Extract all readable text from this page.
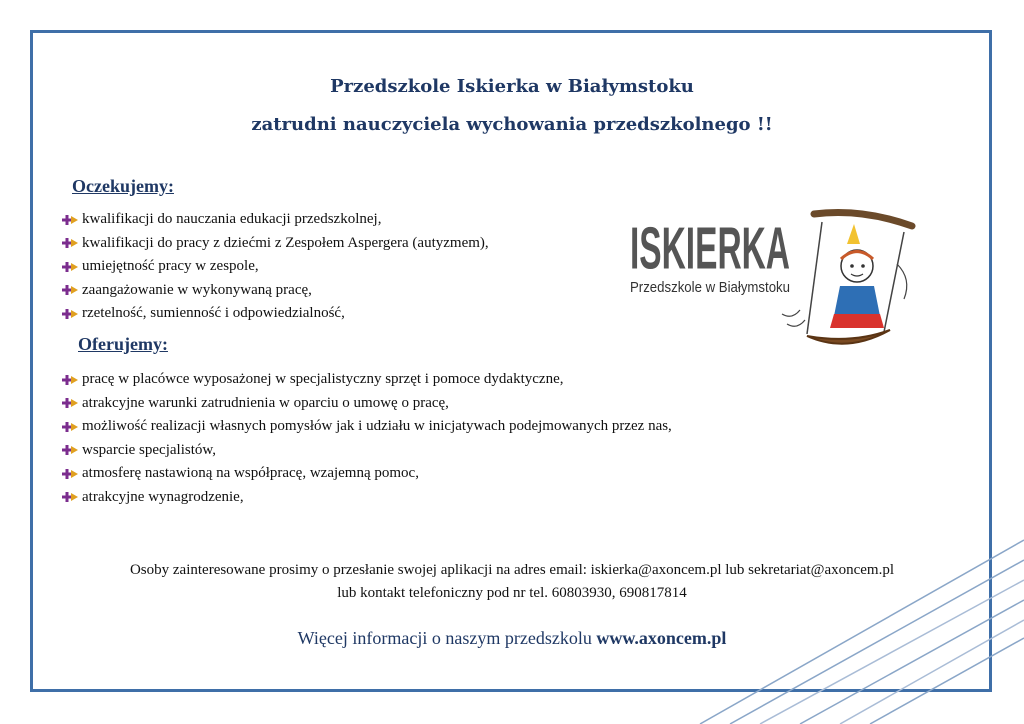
Przedszkole Iskierka w Białymstoku
zatrudni nauczyciela wychowania przedszkolnego !!
Oczekujemy:
kwalifikacji do nauczania edukacji przedszkolnej,
kwalifikacji do pracy z dziećmi z Zespołem Aspergera (autyzmem),
umiejętność pracy w zespole,
zaangażowanie w wykonywaną pracę,
rzetelność, sumienność i odpowiedzialność,
Oferujemy:
pracę w placówce wyposażonej w specjalistyczny sprzęt i pomoce dydaktyczne,
atrakcyjne warunki zatrudnienia w oparciu o umowę o pracę,
możliwość realizacji własnych pomysłów jak i udziału w inicjatywach podejmowanych przez nas,
wsparcie specjalistów,
atmosferę nastawioną na współpracę, wzajemną pomoc,
atrakcyjne wynagrodzenie,
ISKIERKA
Przedszkole w Białymstoku
Osoby zainteresowane prosimy o przesłanie swojej aplikacji na adres email: iskierka@axoncem.pl lub sekretariat@axoncem.pl
lub kontakt telefoniczny pod nr tel. 60803930, 690817814
Więcej informacji o naszym przedszkolu www.axoncem.pl
